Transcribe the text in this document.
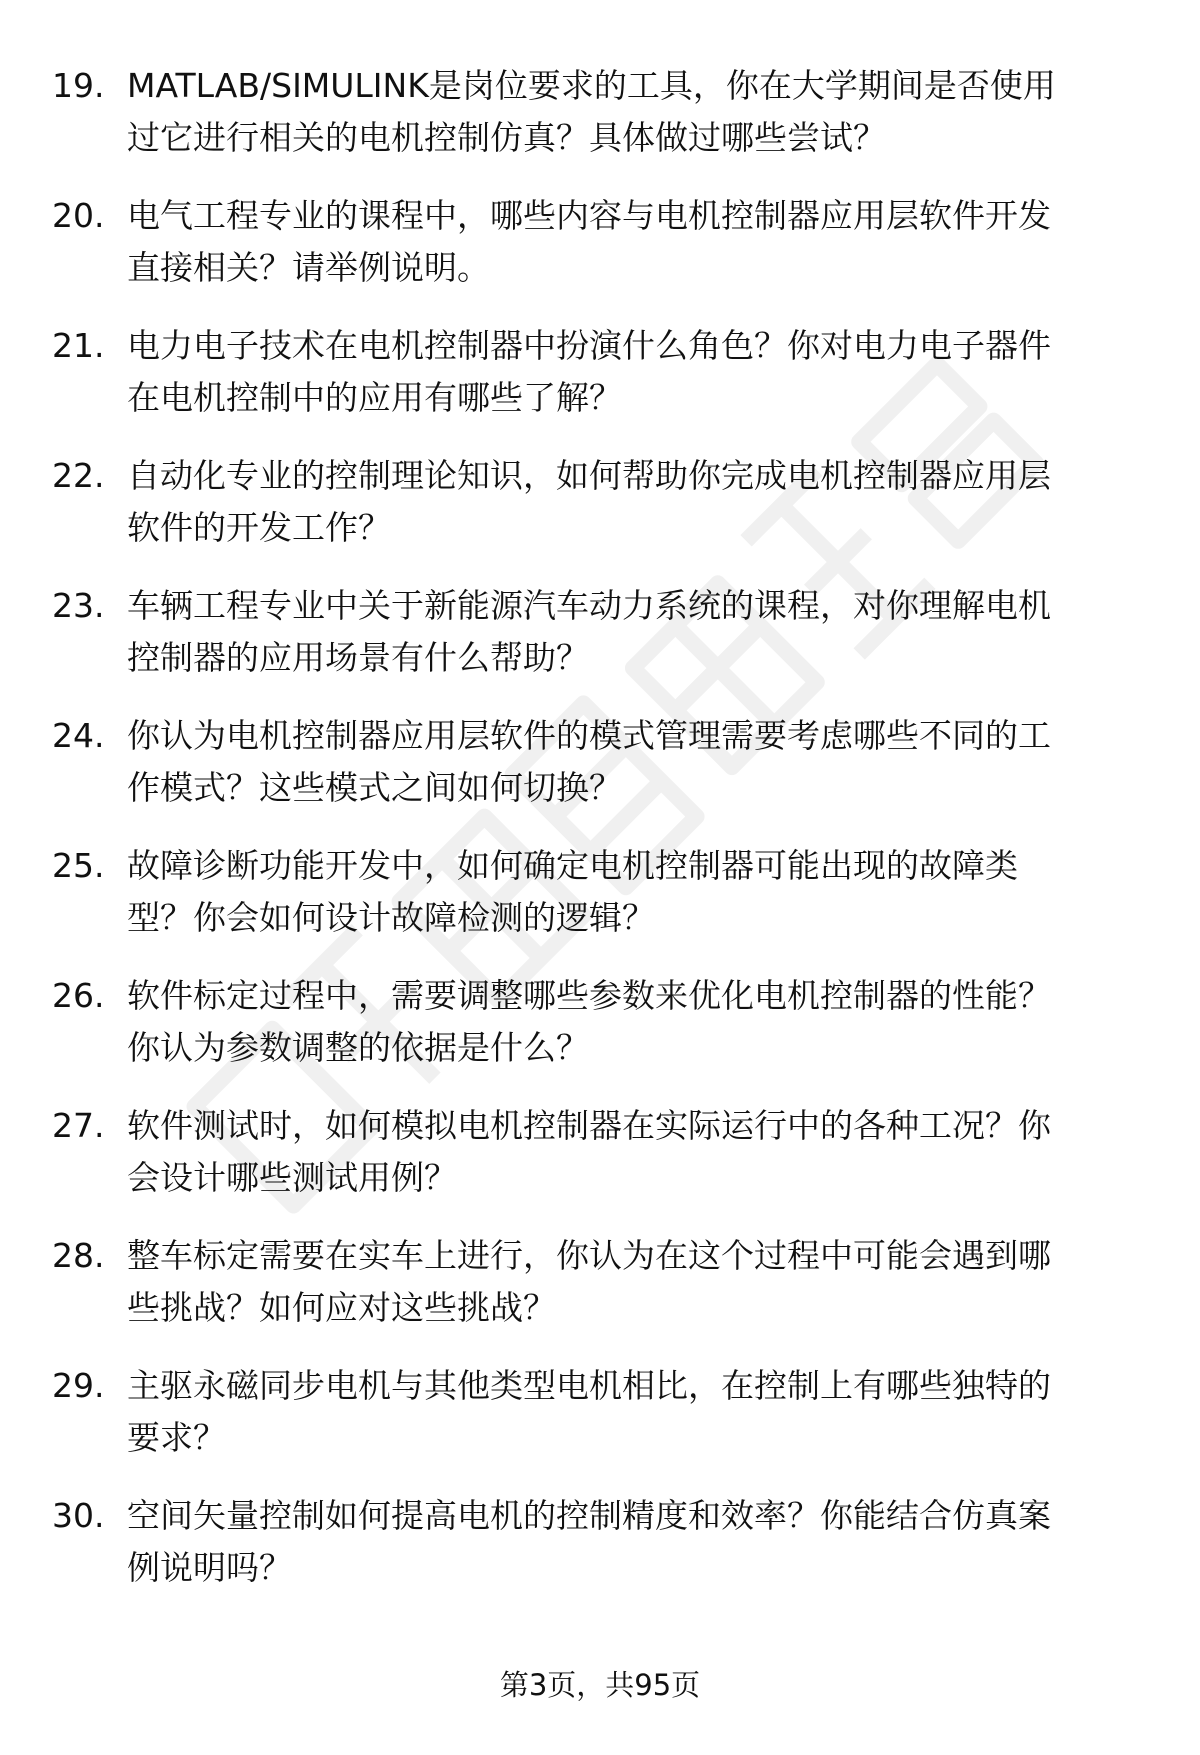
19. MATLAB/SIMULINK是岗位要求的工具，你在大学期间是否使用
过它进行相关的电机控制仿真？具体做过哪些尝试？
20. 电气工程专业的课程中，哪些内容与电机控制器应用层软件开发
直接相关？请举例说明。
21. 电力电子技术在电机控制器中扮演什么角色？你对电力电子器件
在电机控制中的应用有哪些了解？
22. 自动化专业的控制理论知识，如何帮助你完成电机控制器应用层
软件的开发工作？
23. 车辆工程专业中关于新能源汽车动力系统的课程，对你理解电机
控制器的应用场景有什么帮助？
24. 你认为电机控制器应用层软件的模式管理需要考虑哪些不同的工
作模式？这些模式之间如何切换？
25. 故障诊断功能开发中，如何确定电机控制器可能出现的故障类
型？你会如何设计故障检测的逻辑？
26. 软件标定过程中，需要调整哪些参数来优化电机控制器的性能？
你认为参数调整的依据是什么？
27. 软件测试时，如何模拟电机控制器在实际运行中的各种工况？你
会设计哪些测试用例？
28. 整车标定需要在实车上进行，你认为在这个过程中可能会遇到哪
些挑战？如何应对这些挑战？
29. 主驱永磁同步电机与其他类型电机相比，在控制上有哪些独特的
要求？
30. 空间矢量控制如何提高电机的控制精度和效率？你能结合仿真案
例说明吗？
第3页，共95页
